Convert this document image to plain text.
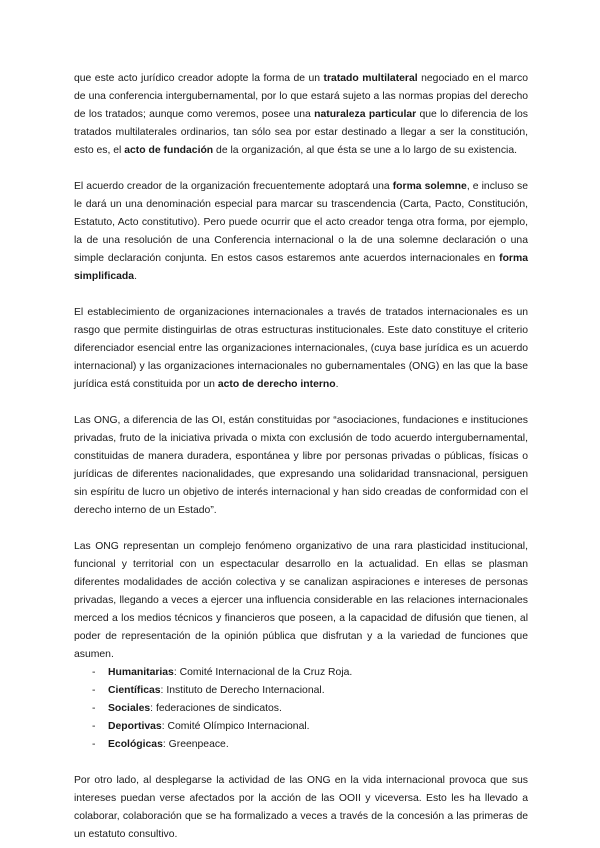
que este acto jurídico creador adopte la forma de un tratado multilateral negociado en el marco de una conferencia intergubernamental, por lo que estará sujeto a las normas propias del derecho de los tratados; aunque como veremos, posee una naturaleza particular que lo diferencia de los tratados multilaterales ordinarios, tan sólo sea por estar destinado a llegar a ser la constitución, esto es, el acto de fundación de la organización, al que ésta se une a lo largo de su existencia.

El acuerdo creador de la organización frecuentemente adoptará una forma solemne, e incluso se le dará un una denominación especial para marcar su trascendencia (Carta, Pacto, Constitución, Estatuto, Acto constitutivo). Pero puede ocurrir que el acto creador tenga otra forma, por ejemplo, la de una resolución de una Conferencia internacional o la de una solemne declaración o una simple declaración conjunta. En estos casos estaremos ante acuerdos internacionales en forma simplificada.

El establecimiento de organizaciones internacionales a través de tratados internacionales es un rasgo que permite distinguirlas de otras estructuras institucionales. Este dato constituye el criterio diferenciador esencial entre las organizaciones internacionales, (cuya base jurídica es un acuerdo internacional) y las organizaciones internacionales no gubernamentales (ONG) en las que la base jurídica está constituida por un acto de derecho interno.

Las ONG, a diferencia de las OI, están constituidas por “asociaciones, fundaciones e instituciones privadas, fruto de la iniciativa privada o mixta con exclusión de todo acuerdo intergubernamental, constituidas de manera duradera, espontánea y libre por personas privadas o públicas, físicas o jurídicas de diferentes nacionalidades, que expresando una solidaridad transnacional, persiguen sin espíritu de lucro un objetivo de interés internacional y han sido creadas de conformidad con el derecho interno de un Estado”.

Las ONG representan un complejo fenómeno organizativo de una rara plasticidad institucional, funcional y territorial con un espectacular desarrollo en la actualidad. En ellas se plasman diferentes modalidades de acción colectiva y se canalizan aspiraciones e intereses de personas privadas, llegando a veces a ejercer una influencia considerable en las relaciones internacionales merced a los medios técnicos y financieros que poseen, a la capacidad de difusión que tienen, al poder de representación de la opinión pública que disfrutan y a la variedad de funciones que asumen.

- Humanitarias: Comité Internacional de la Cruz Roja.
- Científicas: Instituto de Derecho Internacional.
- Sociales: federaciones de sindicatos.
- Deportivas: Comité Olímpico Internacional.
- Ecológicas: Greenpeace.

Por otro lado, al desplegarse la actividad de las ONG en la vida internacional provoca que sus intereses puedan verse afectados por la acción de las OOII y viceversa. Esto les ha llevado a colaborar, colaboración que se ha formalizado a veces a través de la concesión a las primeras de un estatuto consultivo.
